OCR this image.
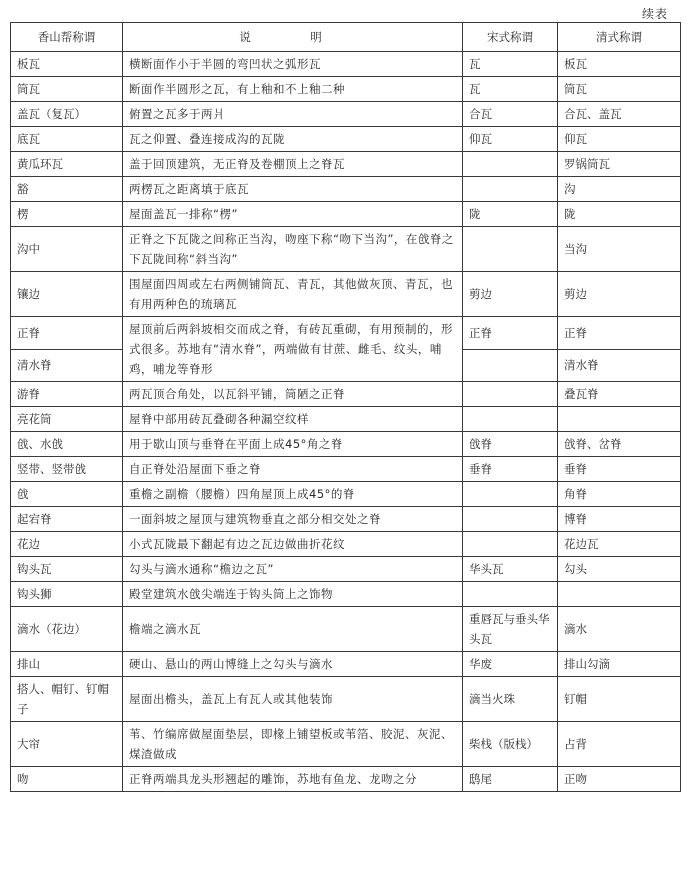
续表
香山帮称谓	说　明	宋式称谓	清式称谓
板瓦	横断面作小于半圆的弯凹状之弧形瓦	瓦	板瓦
筒瓦	断面作半圆形之瓦，有上釉和不上釉二种	瓦	筒瓦
盖瓦（复瓦）	俯置之瓦多于两爿	合瓦	合瓦、盖瓦
底瓦	瓦之仰置、叠连接成沟的瓦陇	仰瓦	仰瓦
黄瓜环瓦	盖于回顶建筑，无正脊及卷棚顶上之脊瓦		罗锅筒瓦
豁	两楞瓦之距离填于底瓦		沟
楞	屋面盖瓦一排称“楞”	陇	陇
沟中	正脊之下瓦陇之间称正当沟，吻座下称“吻下当沟”，在戗脊之下瓦陇间称“斜当沟”		当沟
镶边	围屋面四周或左右两侧铺筒瓦、青瓦，其他做灰顶、青瓦，也有用两种色的琉璃瓦	剪边	剪边
正脊	屋顶前后两斜坡相交而成之脊，有砖瓦重砌，有用预制的，形式很多。苏地有“清水脊”，两端做有甘蔗、雌毛、纹头，哺鸡，哺龙等脊形	正脊	正脊
清水脊			清水脊
游脊	两瓦顶合角处，以瓦斜平铺，筒陋之正脊		叠瓦脊
亮花筒	屋脊中部用砖瓦叠砌各种漏空纹样		
戗、水戗	用于歇山顶与垂脊在平面上成45°角之脊	戗脊	戗脊、岔脊
竖带、竖带戗	自正脊处沿屋面下垂之脊	垂脊	垂脊
戗	重檐之副檐（腰檐）四角屋顶上成45°的脊		角脊
起宕脊	一面斜坡之屋顶与建筑物垂直之部分相交处之脊		博脊
花边	小式瓦陇最下翻起有边之瓦边做曲折花纹		花边瓦
钩头瓦	勾头与滴水通称“檐边之瓦”	华头瓦	勾头
钩头狮	殿堂建筑水戗尖端连于钩头筒上之饰物		
滴水（花边）	檐端之滴水瓦	重唇瓦与垂头华头瓦	滴水
排山	硬山、悬山的两山博缝上之勾头与滴水	华废	排山勾滴
搭人、帽钉、钉帽子	屋面出檐头，盖瓦上有瓦人或其他装饰	滴当火珠	钉帽
大帘	苇、竹编席做屋面垫层，即椽上铺望板或苇箔、胶泥、灰泥、煤渣做成	柴栈（版栈）	占背
吻	正脊两端具龙头形翘起的雕饰，苏地有鱼龙、龙吻之分	鸱尾	正吻
